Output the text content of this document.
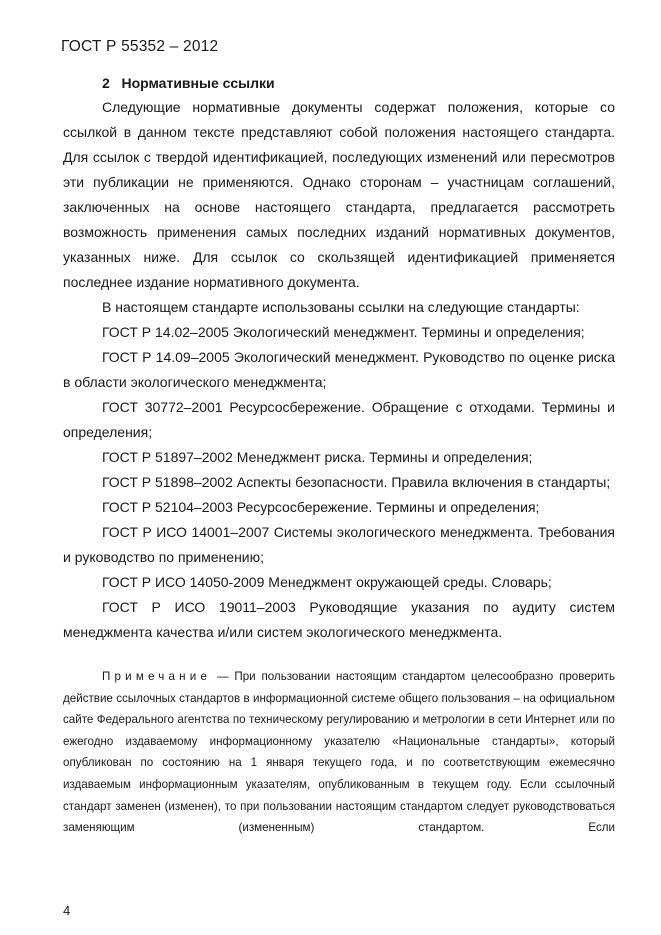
ГОСТ Р 55352 – 2012
2 Нормативные ссылки

Следующие нормативные документы содержат положения, которые со ссылкой в данном тексте представляют собой положения настоящего стандарта. Для ссылок с твердой идентификацией, последующих изменений или пересмотров эти публикации не применяются. Однако сторонам – участницам соглашений, заключенных на основе настоящего стандарта, предлагается рассмотреть возможность применения самых последних изданий нормативных документов, указанных ниже. Для ссылок со скользящей идентификацией применяется последнее издание нормативного документа.

В настоящем стандарте использованы ссылки на следующие стандарты:

ГОСТ Р 14.02–2005 Экологический менеджмент. Термины и определения;

ГОСТ Р 14.09–2005 Экологический менеджмент. Руководство по оценке риска в области экологического менеджмента;

ГОСТ 30772–2001 Ресурсосбережение. Обращение с отходами. Термины и определения;

ГОСТ Р 51897–2002 Менеджмент риска. Термины и определения;

ГОСТ Р 51898–2002 Аспекты безопасности. Правила включения в стандарты;

ГОСТ Р 52104–2003 Ресурсосбережение. Термины и определения;

ГОСТ Р ИСО 14001–2007 Системы экологического менеджмента. Требования и руководство по применению;

ГОСТ Р ИСО 14050-2009 Менеджмент окружающей среды. Словарь;

ГОСТ Р ИСО 19011–2003 Руководящие указания по аудиту систем менеджмента качества и/или систем экологического менеджмента.

Примечание — При пользовании настоящим стандартом целесообразно проверить действие ссылочных стандартов в информационной системе общего пользования – на официальном сайте Федерального агентства по техническому регулированию и метрологии в сети Интернет или по ежегодно издаваемому информационному указателю «Национальные стандарты», который опубликован по состоянию на 1 января текущего года, и по соответствующим ежемесячно издаваемым информационным указателям, опубликованным в текущем году. Если ссылочный стандарт заменен (изменен), то при пользовании настоящим стандартом следует руководствоваться заменяющим (измененным) стандартом. Если

4
